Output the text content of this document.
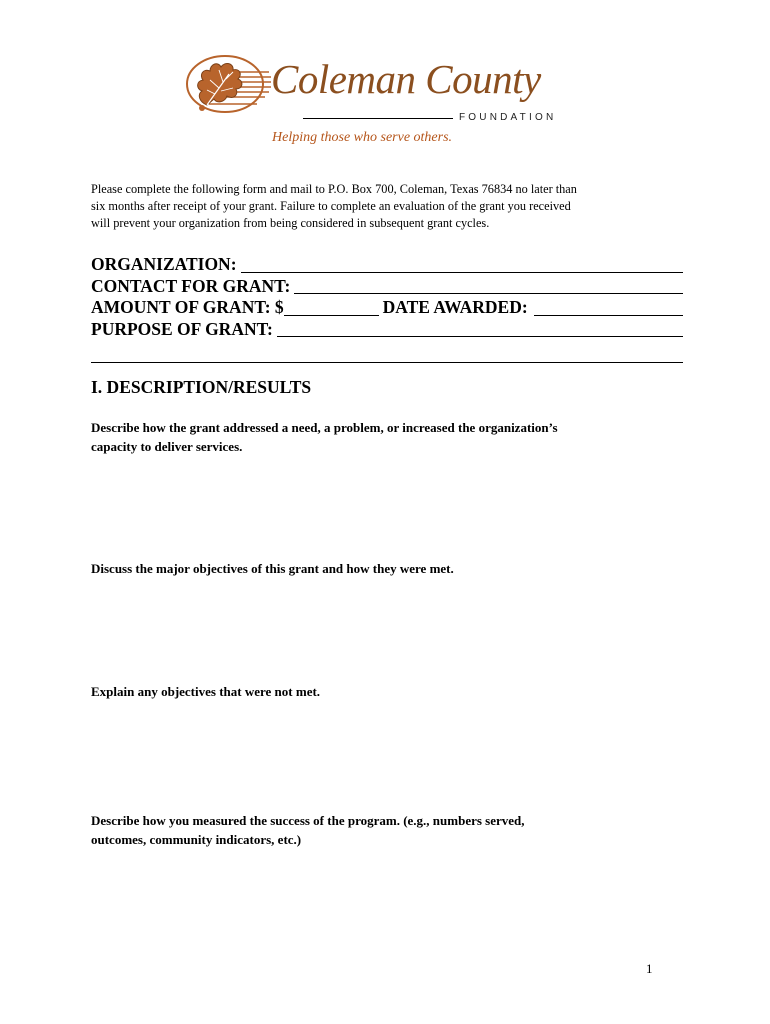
Coleman County
FOUNDATION
Helping those who serve others.
Please complete the following form and mail to P.O. Box 700, Coleman, Texas 76834 no later than
six months after receipt of your grant. Failure to complete an evaluation of the grant you received
will prevent your organization from being considered in subsequent grant cycles.
ORGANIZATION:
CONTACT FOR GRANT:
AMOUNT OF GRANT: $	DATE AWARDED:
PURPOSE OF GRANT:
I. DESCRIPTION/RESULTS
Describe how the grant addressed a need, a problem, or increased the organization’s
capacity to deliver services.
Discuss the major objectives of this grant and how they were met.
Explain any objectives that were not met.
Describe how you measured the success of the program. (e.g., numbers served,
outcomes, community indicators, etc.)
1
